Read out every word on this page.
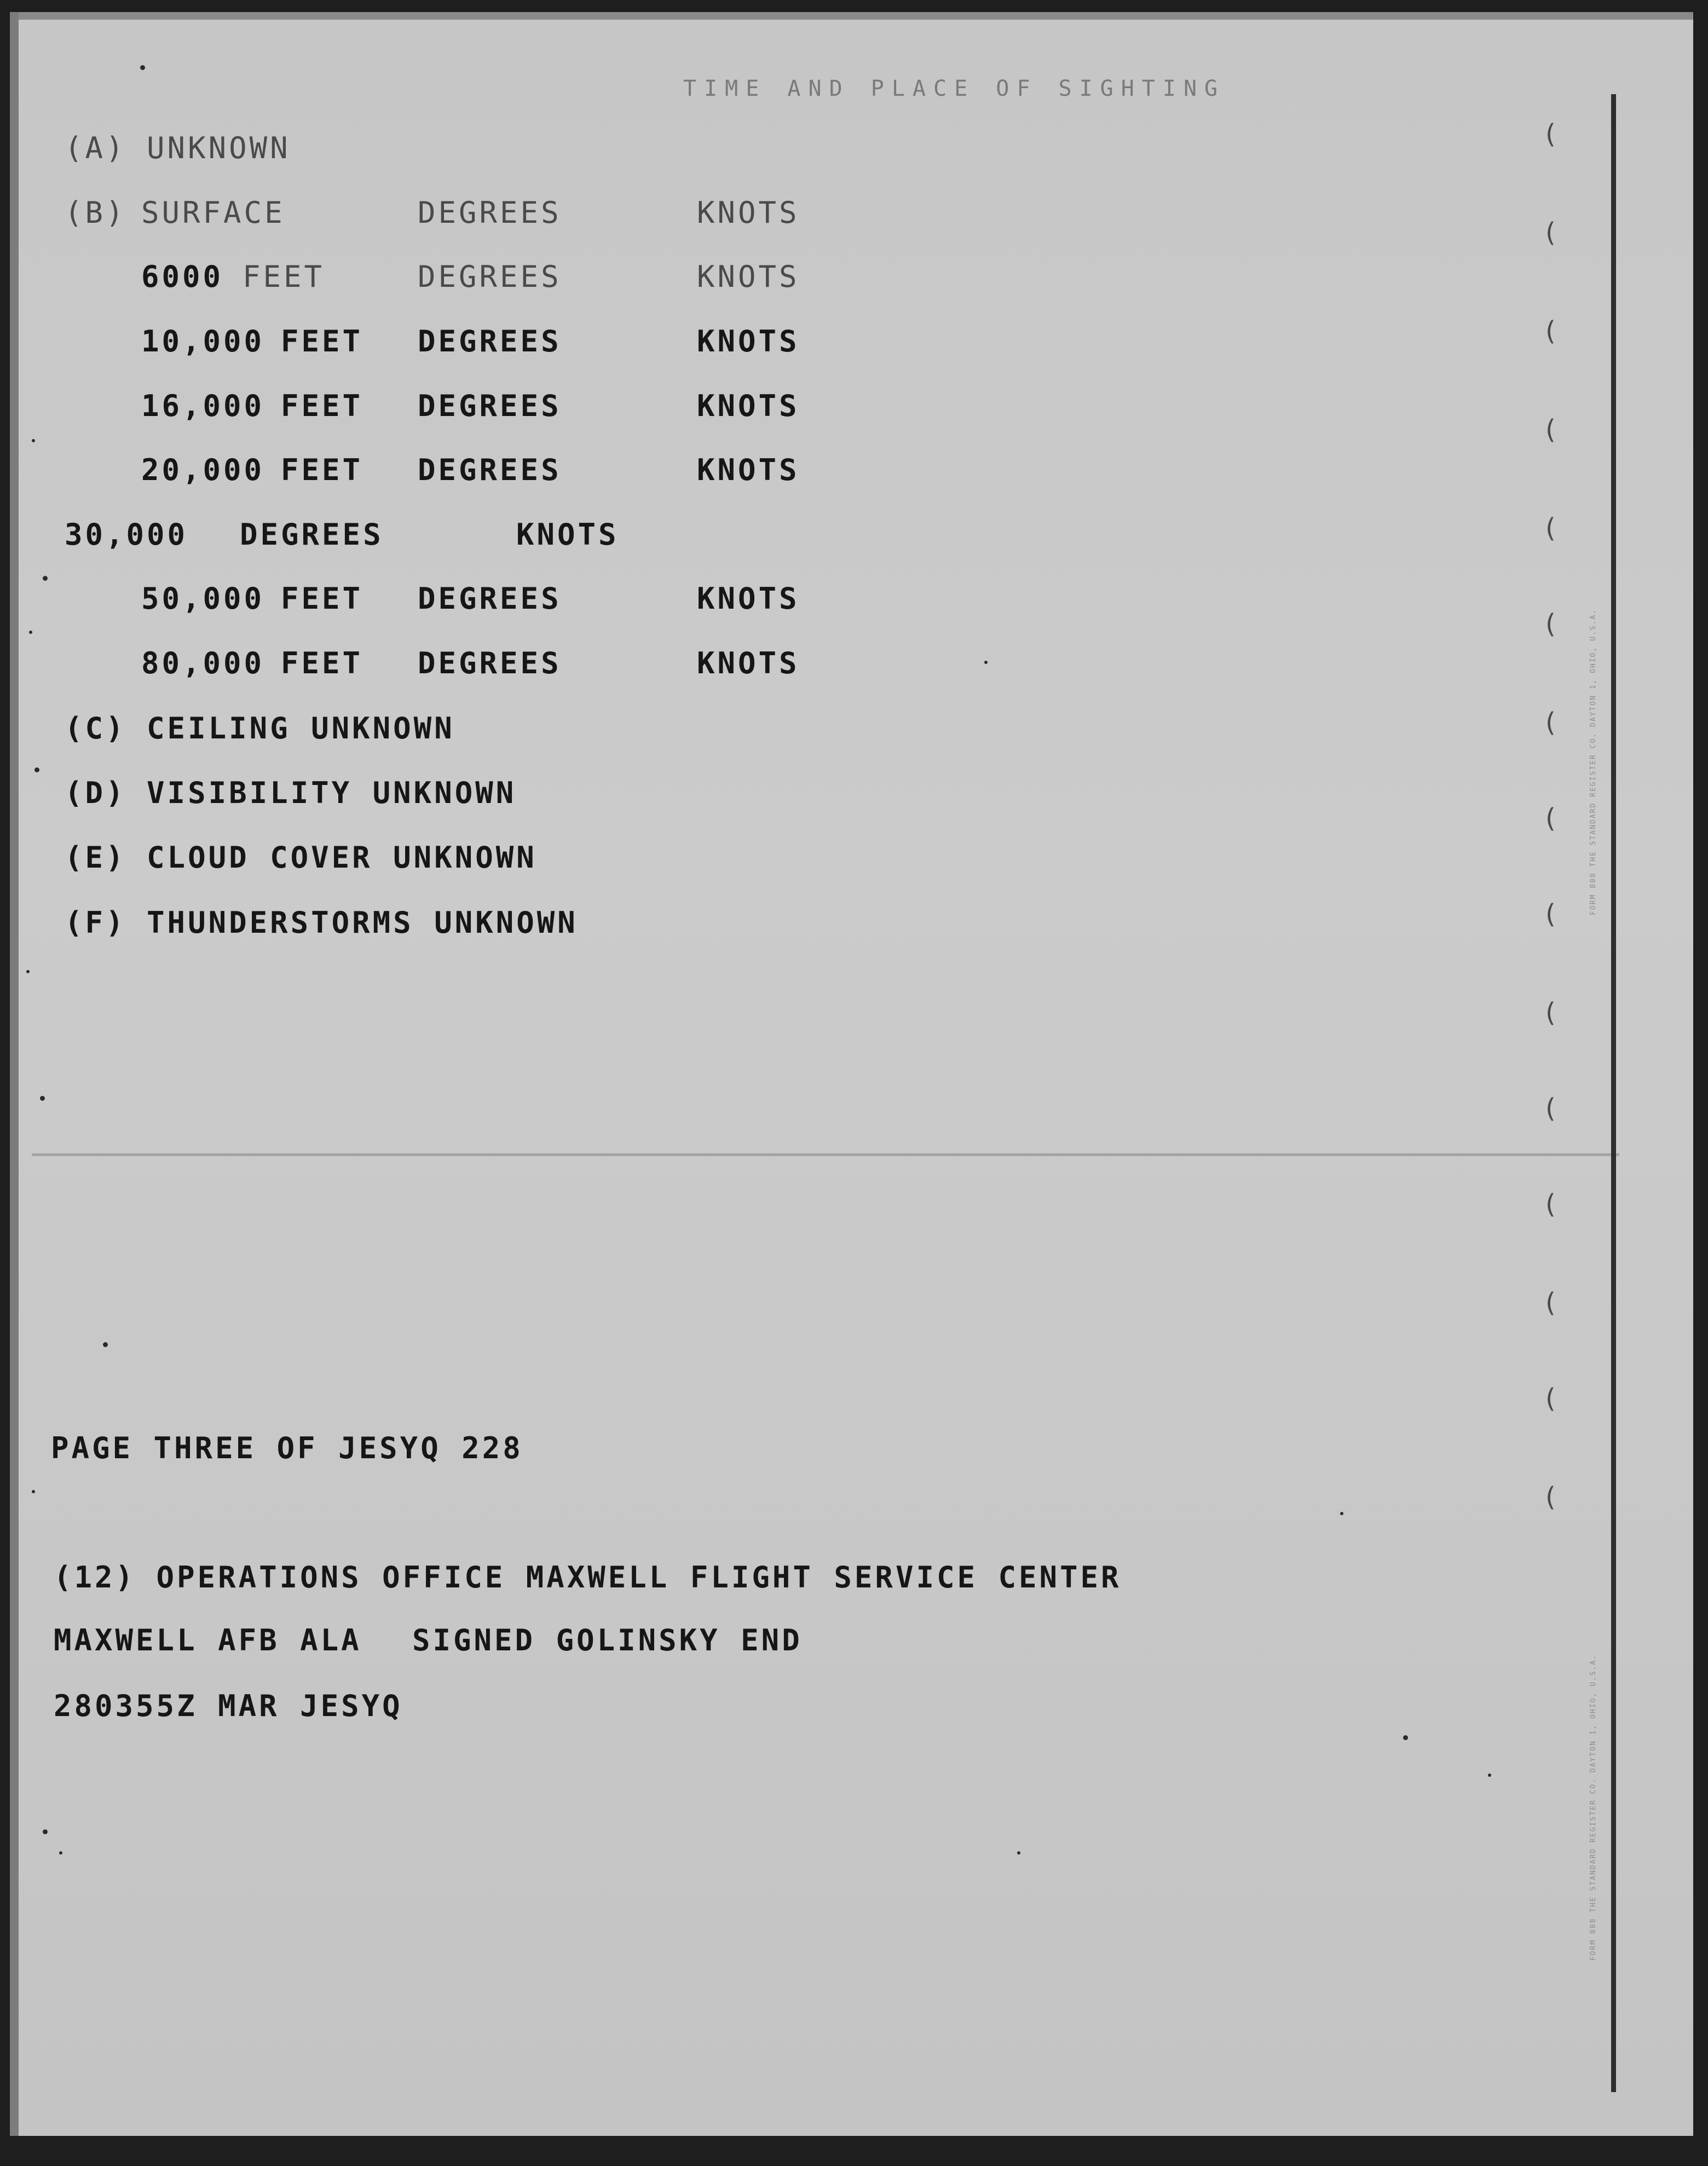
FORM 808 THE STANDARD REGISTER CO. DAYTON 1, OHIO, U.S.A.
FORM 808 THE STANDARD REGISTER CO. DAYTON 1, OHIO, U.S.A.
(
(
(
(
(
(
(
(
(
(
(
(
(
(
(
TIME AND PLACE OF SIGHTING
(A) UNKNOWN
(B) SURFACE	DEGREES	KNOTS
6000 FEET	DEGREES	KNOTS
10,000 FEET DEGREES	KNOTS
16,000 FEET DEGREES	KNOTS
20,000 FEET DEGREES	KNOTS
30,000 DEGREES	KNOTS
50,000 FEET DEGREES	KNOTS
80,000 FEET DEGREES	KNOTS
(C) CEILING UNKNOWN
(D) VISIBILITY UNKNOWN
(E) CLOUD COVER UNKNOWN
(F) THUNDERSTORMS UNKNOWN
PAGE THREE OF JESYQ 228
(12) OPERATIONS OFFICE MAXWELL FLIGHT SERVICE CENTER
MAXWELL AFB ALA SIGNED GOLINSKY END
280355Z MAR JESYQ
